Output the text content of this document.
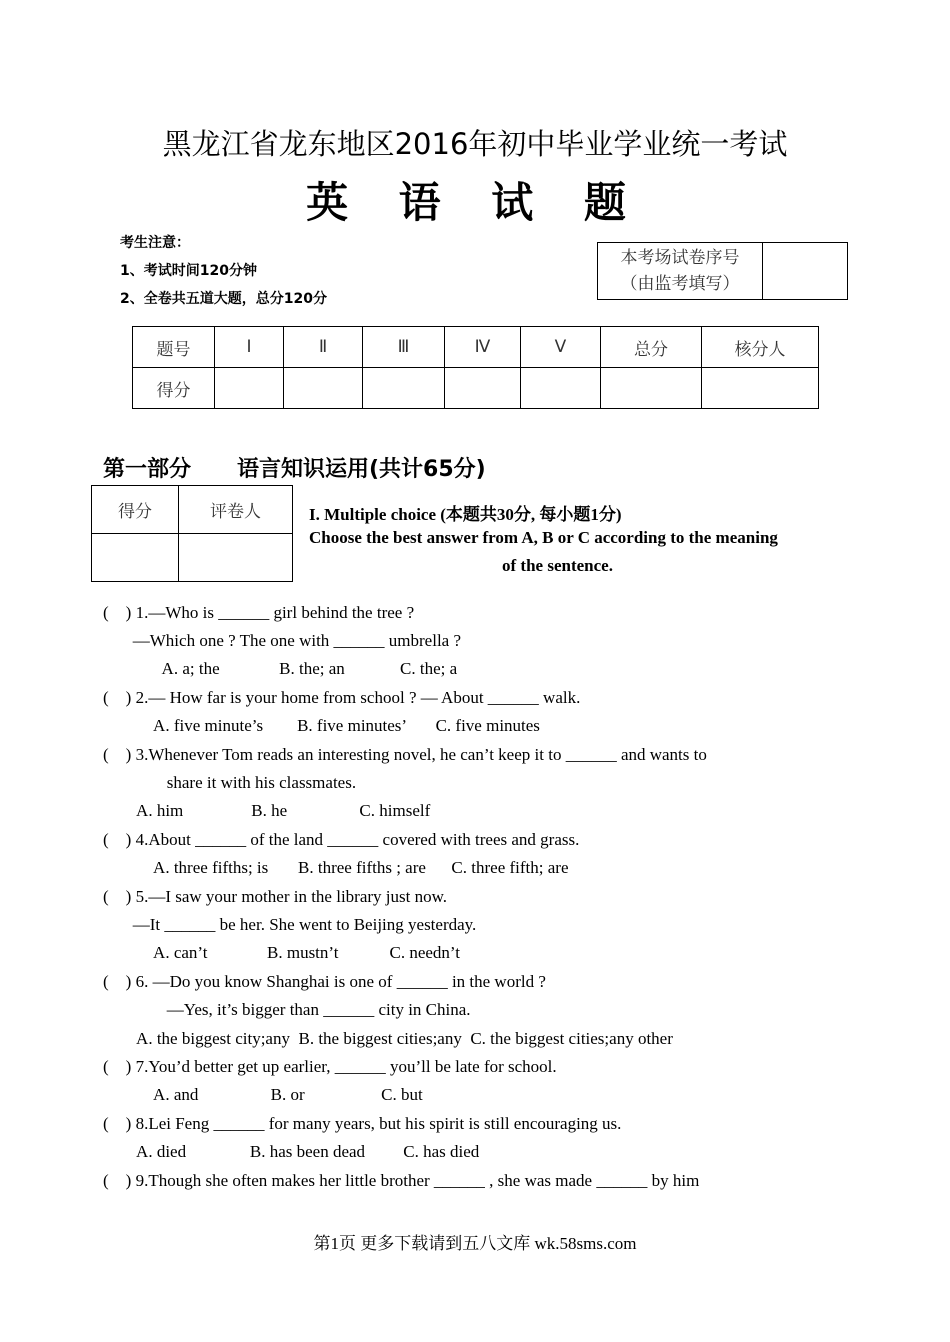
黑龙江省龙东地区2016年初中毕业学业统一考试
英 语 试 题
考生注意：
1、考试时间120分钟
2、全卷共五道大题，总分120分
本考场试卷序号
（由监考填写）

题号	Ⅰ	Ⅱ	Ⅲ	Ⅳ	Ⅴ	总分	核分人
得分							
第一部分      语言知识运用(共计65分)
得分	评卷人
		I. Multiple choice (本题共30分, 每小题1分)
Choose the best answer from A, B or C according to the meaning
of the sentence.
(    ) 1.—Who is ______ girl behind the tree ?
—Which one ? The one with ______ umbrella ?
A. a; the              B. the; an             C. the; a
(    ) 2.— How far is your home from school ? — About ______ walk.
A. five minute’s        B. five minutes’       C. five minutes
(    ) 3.Whenever Tom reads an interesting novel, he can’t keep it to ______ and wants to
share it with his classmates.
A. him                B. he                 C. himself
(    ) 4.About ______ of the land ______ covered with trees and grass.
A. three fifths; is       B. three fifths ; are      C. three fifth; are
(    ) 5.—I saw your mother in the library just now.
—It ______ be her. She went to Beijing yesterday.
A. can’t              B. mustn’t            C. needn’t
(    ) 6. —Do you know Shanghai is one of ______ in the world ?
—Yes, it’s bigger than ______ city in China.
A. the biggest city;any  B. the biggest cities;any  C. the biggest cities;any other
(    ) 7.You’d better get up earlier, ______ you’ll be late for school.
A. and                 B. or                  C. but
(    ) 8.Lei Feng ______ for many years, but his spirit is still encouraging us.
A. died               B. has been dead         C. has died
(    ) 9.Though she often makes her little brother ______ , she was made ______ by him
第1页 更多下载请到五八文库 wk.58sms.com
